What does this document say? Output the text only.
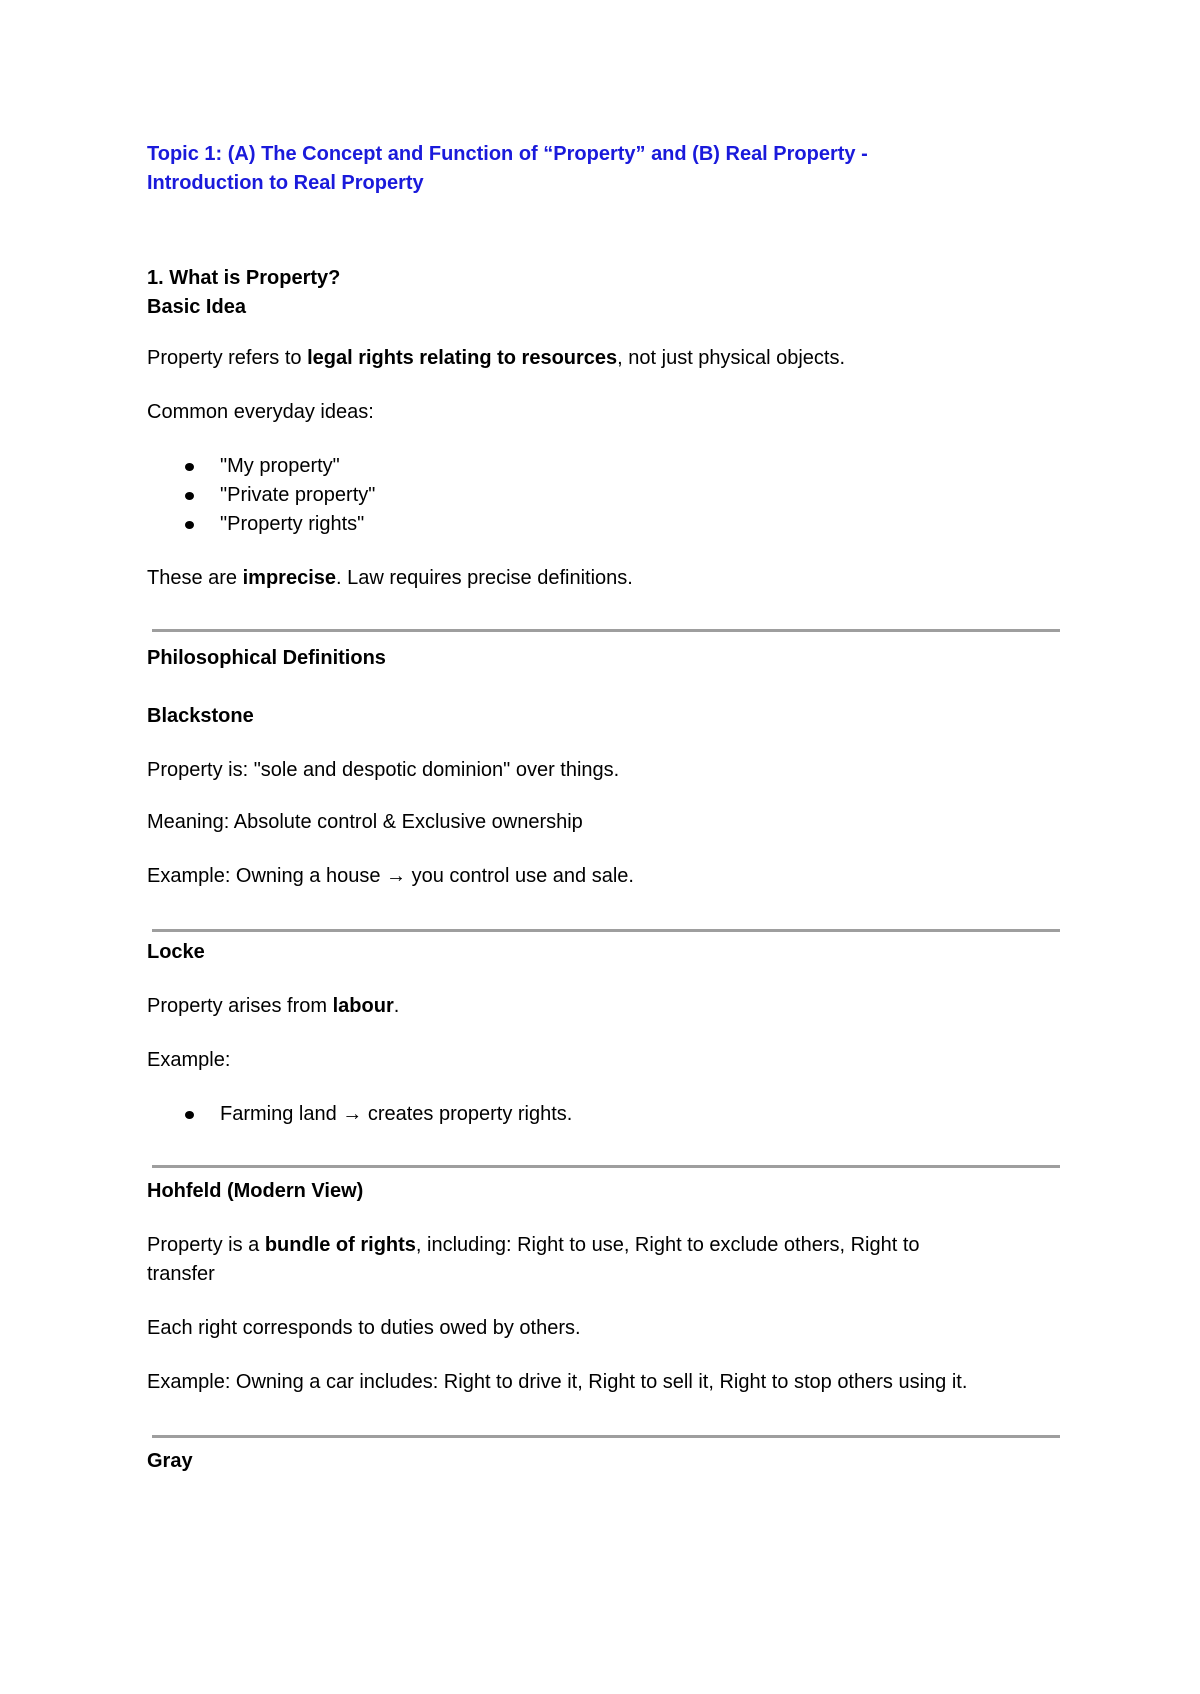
Topic 1: (A) The Concept and Function of “Property” and (B) Real Property -
Introduction to Real Property
1. What is Property?
Basic Idea

Property refers to legal rights relating to resources, not just physical objects.

Common everyday ideas:

"My property"
"Private property"
"Property rights"

These are imprecise. Law requires precise definitions.

Philosophical Definitions
Blackstone

Property is: "sole and despotic dominion" over things.

Meaning: Absolute control & Exclusive ownership

Example: Owning a house → you control use and sale.

Locke

Property arises from labour.

Example:

Farming land → creates property rights.
Hohfeld (Modern View)

Property is a bundle of rights, including: Right to use, Right to exclude others, Right to
transfer

Each right corresponds to duties owed by others.

Example: Owning a car includes: Right to drive it, Right to sell it, Right to stop others using it.

Gray
